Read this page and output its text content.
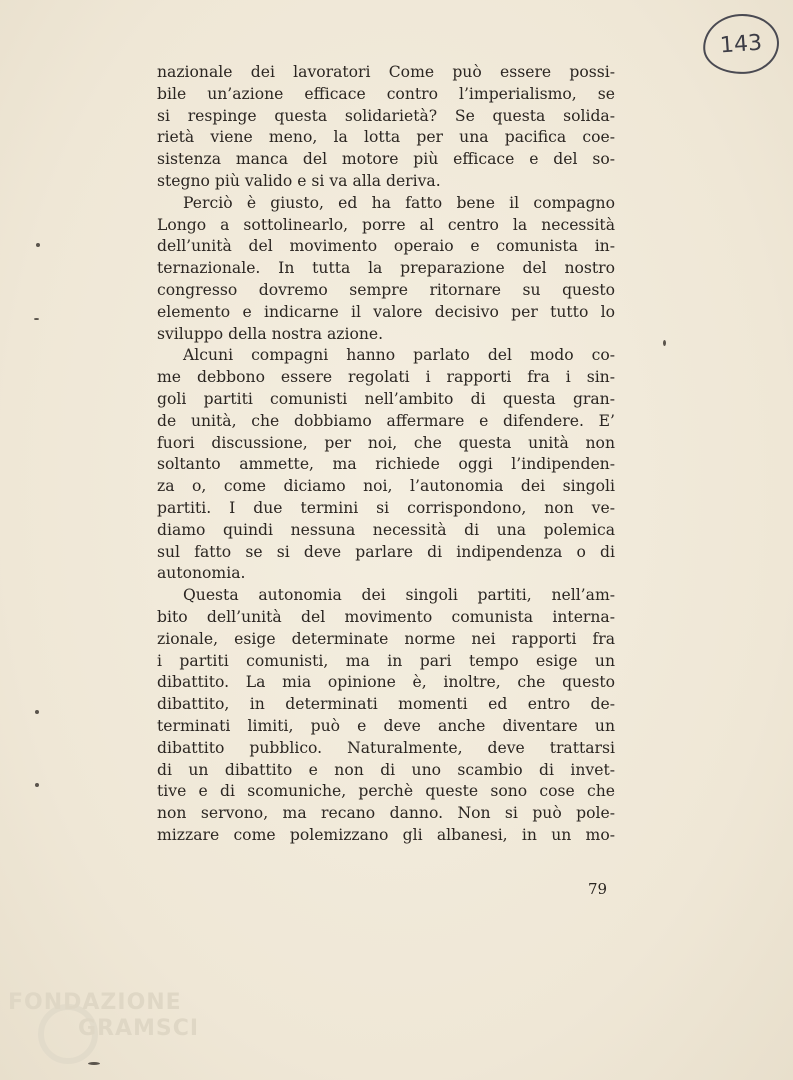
143
nazionale dei lavoratori Come può essere possi-
bile un’azione efficace contro l’imperialismo, se
si respinge questa solidarietà? Se questa solida-
rietà viene meno, la lotta per una pacifica coe-
sistenza manca del motore più efficace e del so-
stegno più valido e si va alla deriva.
Perciò è giusto, ed ha fatto bene il compagno
Longo a sottolinearlo, porre al centro la necessità
dell’unità del movimento operaio e comunista in-
ternazionale. In tutta la preparazione del nostro
congresso dovremo sempre ritornare su questo
elemento e indicarne il valore decisivo per tutto lo
sviluppo della nostra azione.
Alcuni compagni hanno parlato del modo co-
me debbono essere regolati i rapporti fra i sin-
goli partiti comunisti nell’ambito di questa gran-
de unità, che dobbiamo affermare e difendere. E’
fuori discussione, per noi, che questa unità non
soltanto ammette, ma richiede oggi l’indipenden-
za o, come diciamo noi, l’autonomia dei singoli
partiti. I due termini si corrispondono, non ve-
diamo quindi nessuna necessità di una polemica
sul fatto se si deve parlare di indipendenza o di
autonomia.
Questa autonomia dei singoli partiti, nell’am-
bito dell’unità del movimento comunista interna-
zionale, esige determinate norme nei rapporti fra
i partiti comunisti, ma in pari tempo esige un
dibattito. La mia opinione è, inoltre, che questo
dibattito, in determinati momenti ed entro de-
terminati limiti, può e deve anche diventare un
dibattito pubblico. Naturalmente, deve trattarsi
di un dibattito e non di uno scambio di invet-
tive e di scomuniche, perchè queste sono cose che
non servono, ma recano danno. Non si può pole-
mizzare come polemizzano gli albanesi, in un mo-
79
FONDAZIONE
GRAMSCI
